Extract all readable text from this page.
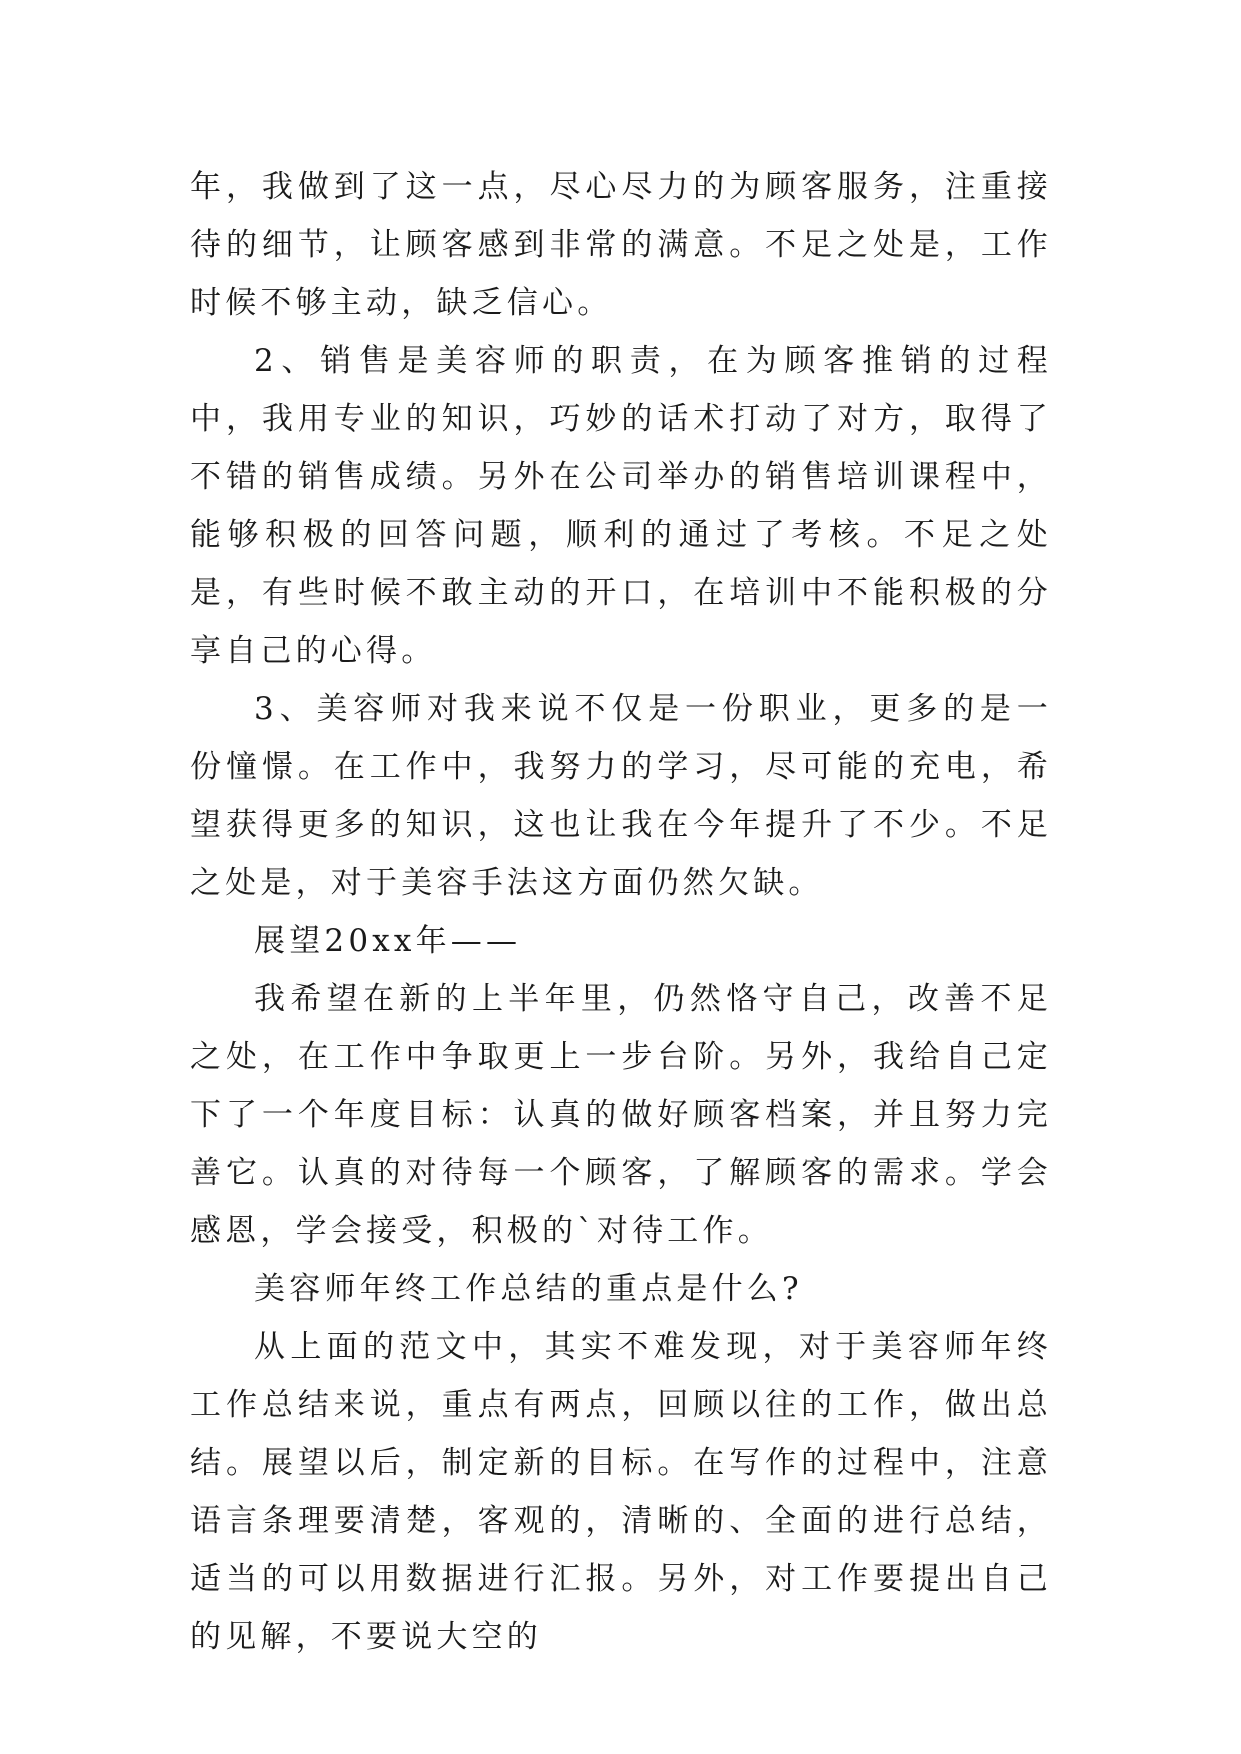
年，我做到了这一点，尽心尽力的为顾客服务，注重接待的细节，让顾客感到非常的满意。不足之处是，工作时候不够主动，缺乏信心。

2、销售是美容师的职责，在为顾客推销的过程中，我用专业的知识，巧妙的话术打动了对方，取得了不错的销售成绩。另外在公司举办的销售培训课程中，能够积极的回答问题，顺利的通过了考核。不足之处是，有些时候不敢主动的开口，在培训中不能积极的分享自己的心得。

3、美容师对我来说不仅是一份职业，更多的是一份憧憬。在工作中，我努力的学习，尽可能的充电，希望获得更多的知识，这也让我在今年提升了不少。不足之处是，对于美容手法这方面仍然欠缺。

展望20xx年——

我希望在新的上半年里，仍然恪守自己，改善不足之处，在工作中争取更上一步台阶。另外，我给自己定下了一个年度目标：认真的做好顾客档案，并且努力完善它。认真的对待每一个顾客，了解顾客的需求。学会感恩，学会接受，积极的`对待工作。

美容师年终工作总结的重点是什么?

从上面的范文中，其实不难发现，对于美容师年终工作总结来说，重点有两点，回顾以往的工作，做出总结。展望以后，制定新的目标。在写作的过程中，注意语言条理要清楚，客观的，清晰的、全面的进行总结，适当的可以用数据进行汇报。另外，对工作要提出自己的见解，不要说大空的
